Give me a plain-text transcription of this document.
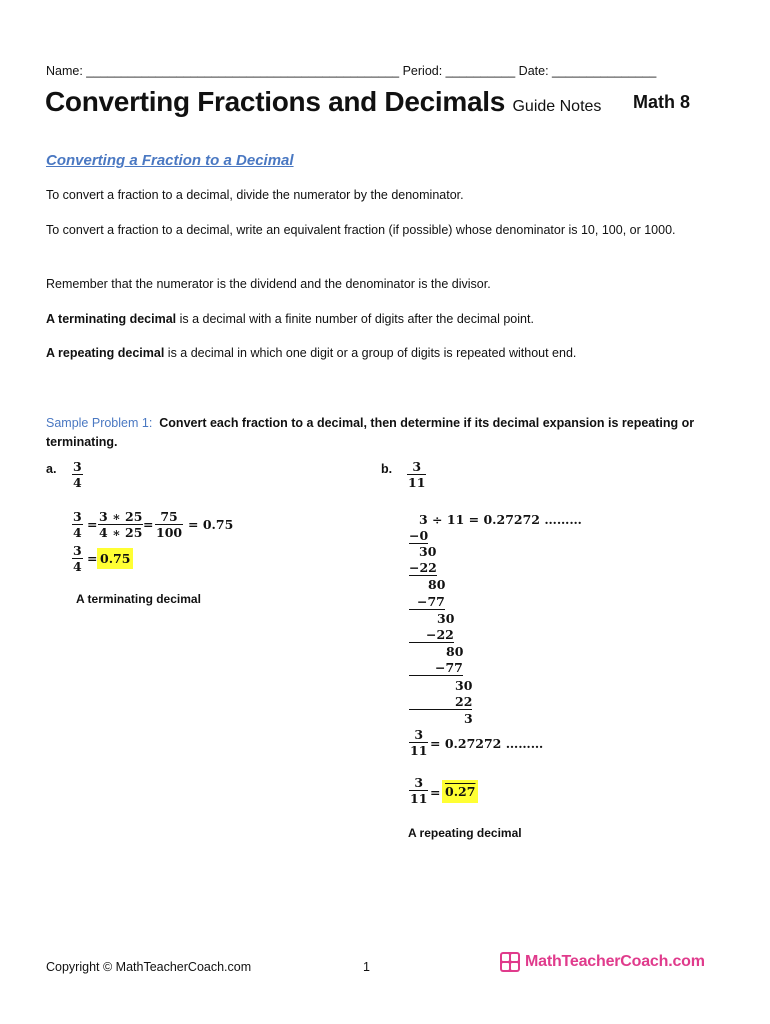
Name: _____________________________________________ Period: __________ Date: _______________
Converting Fractions and Decimals Guide Notes Math 8
Converting a Fraction to a Decimal
To convert a fraction to a decimal, divide the numerator by the denominator.
To convert a fraction to a decimal, write an equivalent fraction (if possible) whose denominator is 10, 100, or 1000.
Remember that the numerator is the dividend and the denominator is the divisor.
A terminating decimal is a decimal with a finite number of digits after the decimal point.
A repeating decimal is a decimal in which one digit or a group of digits is repeated without end.
Sample Problem 1: Convert each fraction to a decimal, then determine if its decimal expansion is repeating or terminating.
a. $\frac{3}{4}$
$\frac{3}{4} = \frac{3 ∗ 25}{4 ∗ 25} = \frac{75}{100} = 0.75$
$\frac{3}{4} = 0.75$
A terminating decimal
b. $\frac{3}{11}$
3 ÷ 11 = 0.27272 ………
−0
30
−22
80
−77
30
−22
80
−77
30
22
3
$\frac{3}{11} = 0.27272$ ………
$\frac{3}{11} = 0.27$
A repeating decimal
Copyright © MathTeacherCoach.com	1	MathTeacherCoach.com
